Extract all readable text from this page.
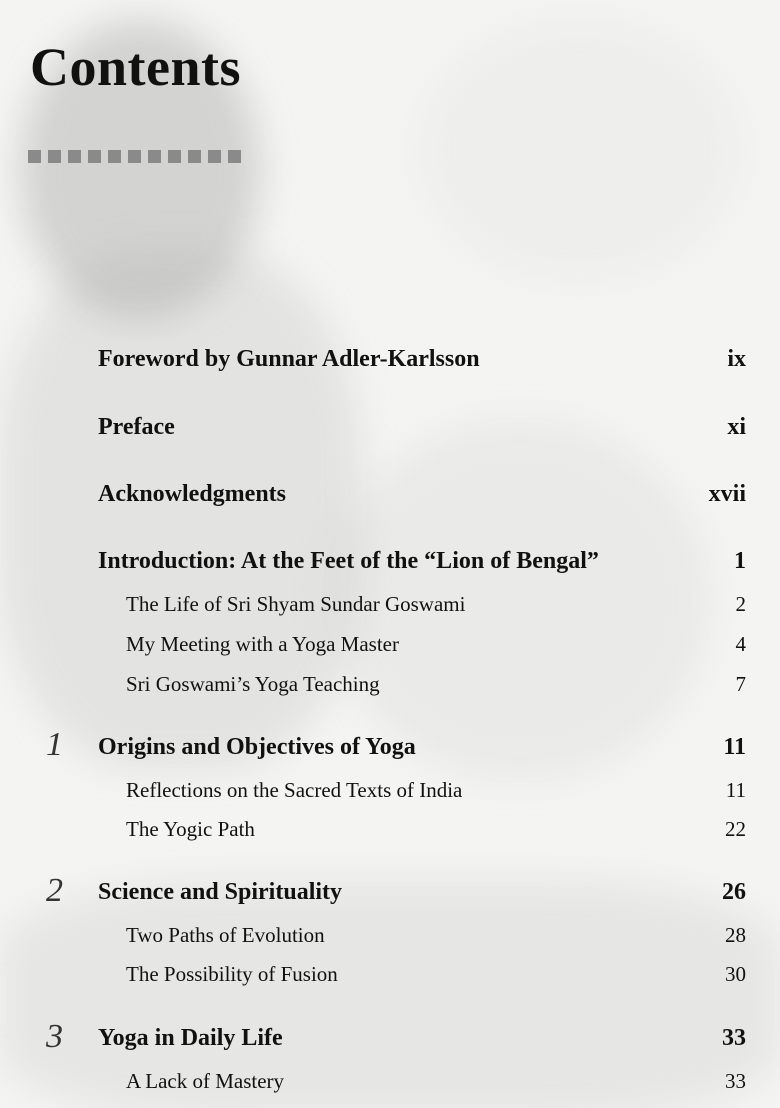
Contents
Foreword by Gunnar Adler-Karlsson	ix
Preface	xi
Acknowledgments	xvii
Introduction: At the Feet of the “Lion of Bengal”	1
The Life of Sri Shyam Sundar Goswami	2
My Meeting with a Yoga Master	4
Sri Goswami’s Yoga Teaching	7
1 Origins and Objectives of Yoga	11
Reflections on the Sacred Texts of India	11
The Yogic Path	22
2 Science and Spirituality	26
Two Paths of Evolution	28
The Possibility of Fusion	30
3 Yoga in Daily Life	33
A Lack of Mastery	33
